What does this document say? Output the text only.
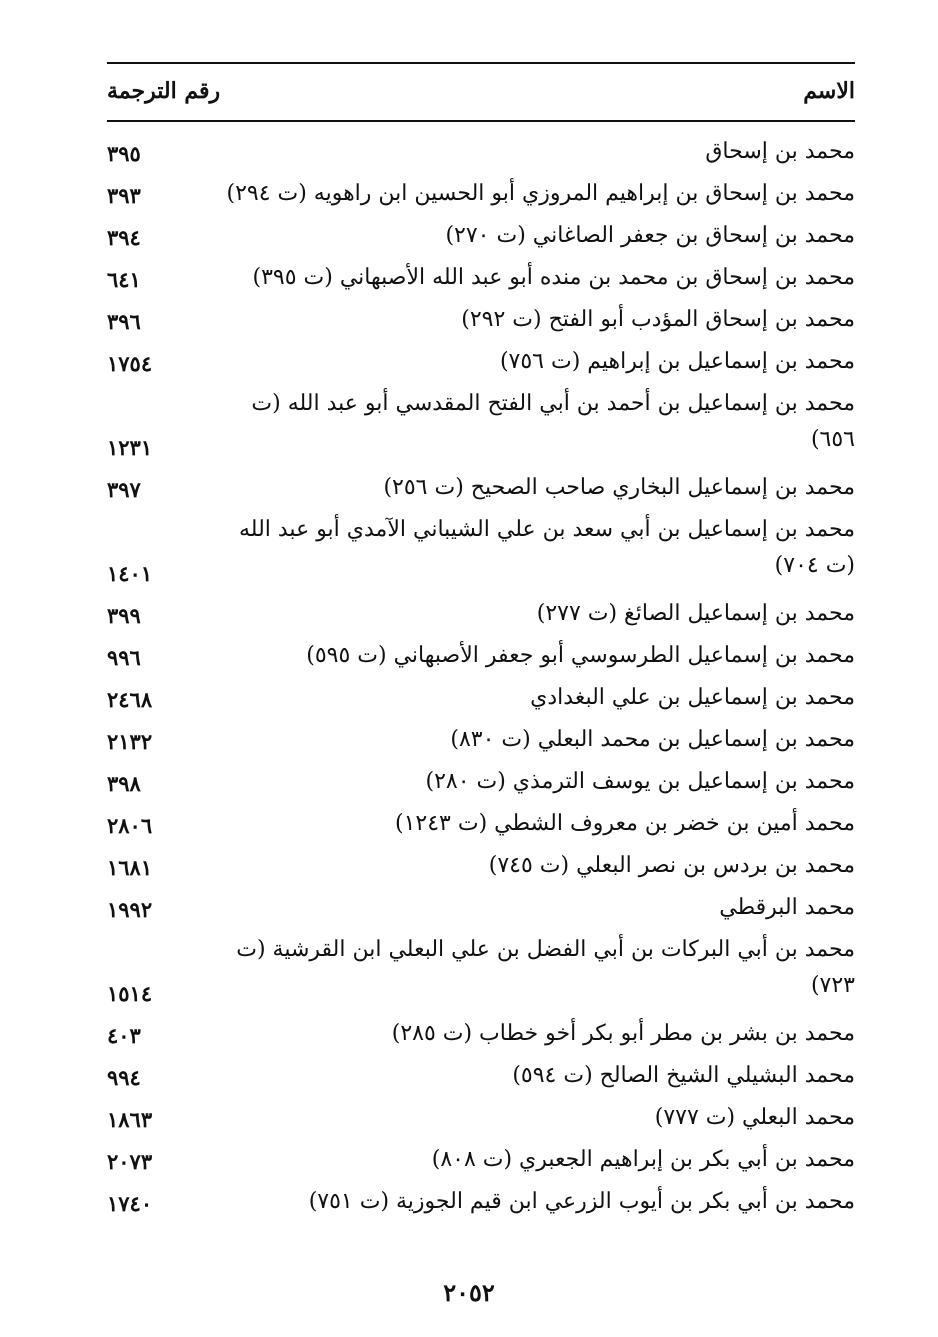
الاسم
رقم الترجمة
محمد بن إسحاق
٣٩٥
محمد بن إسحاق بن إبراهيم المروزي أبو الحسين ابن راهويه (ت ٢٩٤)
٣٩٣
محمد بن إسحاق بن جعفر الصاغاني (ت ٢٧٠)
٣٩٤
محمد بن إسحاق بن محمد بن منده أبو عبد الله الأصبهاني (ت ٣٩٥)
٦٤١
محمد بن إسحاق المؤدب أبو الفتح (ت ٢٩٢)
٣٩٦
محمد بن إسماعيل بن إبراهيم (ت ٧٥٦)
١٧٥٤
محمد بن إسماعيل بن أحمد بن أبي الفتح المقدسي أبو عبد الله (ت ٦٥٦)
١٢٣١
محمد بن إسماعيل البخاري صاحب الصحيح (ت ٢٥٦)
٣٩٧
محمد بن إسماعيل بن أبي سعد بن علي الشيباني الآمدي أبو عبد الله (ت ٧٠٤)
١٤٠١
محمد بن إسماعيل الصائغ (ت ٢٧٧)
٣٩٩
محمد بن إسماعيل الطرسوسي أبو جعفر الأصبهاني (ت ٥٩٥)
٩٩٦
محمد بن إسماعيل بن علي البغدادي
٢٤٦٨
محمد بن إسماعيل بن محمد البعلي (ت ٨٣٠)
٢١٣٢
محمد بن إسماعيل بن يوسف الترمذي (ت ٢٨٠)
٣٩٨
محمد أمين بن خضر بن معروف الشطي (ت ١٢٤٣)
٢٨٠٦
محمد بن بردس بن نصر البعلي (ت ٧٤٥)
١٦٨١
محمد البرقطي
١٩٩٢
محمد بن أبي البركات بن أبي الفضل بن علي البعلي ابن القرشية (ت ٧٢٣)
١٥١٤
محمد بن بشر بن مطر أبو بكر أخو خطاب (ت ٢٨٥)
٤٠٣
محمد البشيلي الشيخ الصالح (ت ٥٩٤)
٩٩٤
محمد البعلي (ت ٧٧٧)
١٨٦٣
محمد بن أبي بكر بن إبراهيم الجعبري (ت ٨٠٨)
٢٠٧٣
محمد بن أبي بكر بن أيوب الزرعي ابن قيم الجوزية (ت ٧٥١)
١٧٤٠
٢٠٥٢
